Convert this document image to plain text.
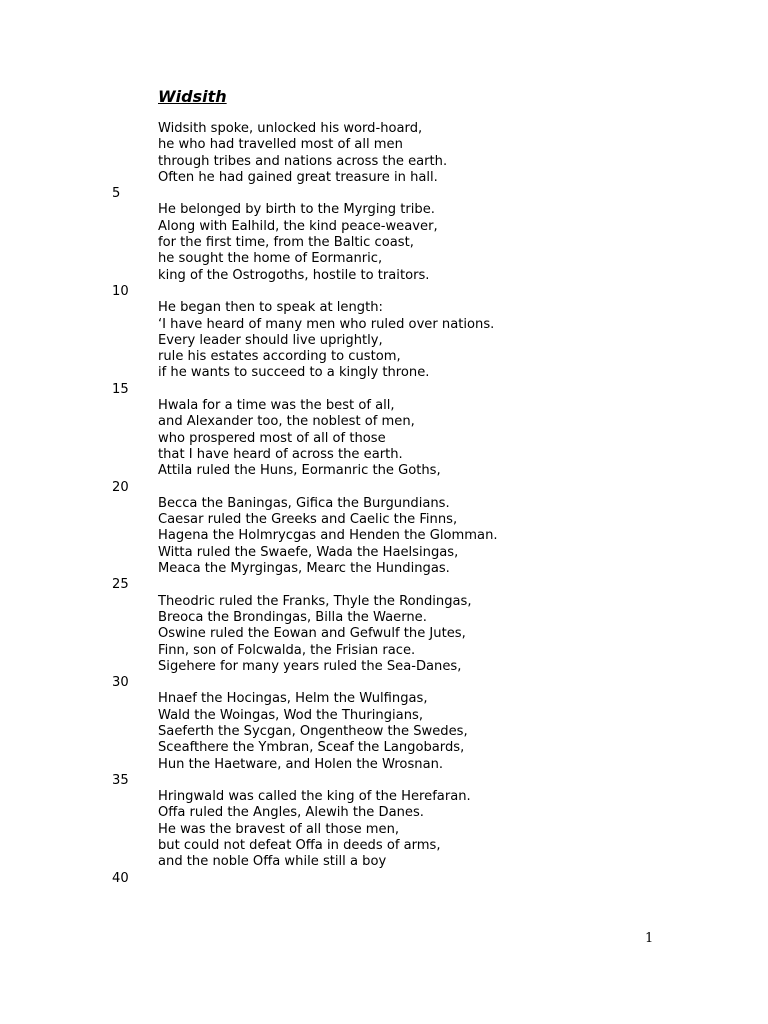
Widsith
Widsith spoke, unlocked his word-hoard,
he who had travelled most of all men
through tribes and nations across the earth.
Often he had gained great treasure in hall.
He belonged by birth to the Myrging tribe.
Along with Ealhild, the kind peace-weaver,
for the first time, from the Baltic coast,
he sought the home of Eormanric,
king of the Ostrogoths, hostile to traitors.
He began then to speak at length:
‘I have heard of many men who ruled over nations.
Every leader should live uprightly,
rule his estates according to custom,
if he wants to succeed to a kingly throne.
Hwala for a time was the best of all,
and Alexander too, the noblest of men,
who prospered most of all of those
that I have heard of across the earth.
Attila ruled the Huns, Eormanric the Goths,
Becca the Baningas, Gifica the Burgundians.
Caesar ruled the Greeks and Caelic the Finns,
Hagena the Holmrycgas and Henden the Glomman.
Witta ruled the Swaefe, Wada the Haelsingas,
Meaca the Myrgingas, Mearc the Hundingas.
Theodric ruled the Franks, Thyle the Rondingas,
Breoca the Brondingas, Billa the Waerne.
Oswine ruled the Eowan and Gefwulf the Jutes,
Finn, son of Folcwalda, the Frisian race.
Sigehere for many years ruled the Sea-Danes,
Hnaef the Hocingas, Helm the Wulfingas,
Wald the Woingas, Wod the Thuringians,
Saeferth the Sycgan, Ongentheow the Swedes,
Sceafthere the Ymbran, Sceaf the Langobards,
Hun the Haetware, and Holen the Wrosnan.
Hringwald was called the king of the Herefaran.
Offa ruled the Angles, Alewih the Danes.
He was the bravest of all those men,
but could not defeat Offa in deeds of arms,
and the noble Offa while still a boy
5
10
15
20
25
30
35
40
1
